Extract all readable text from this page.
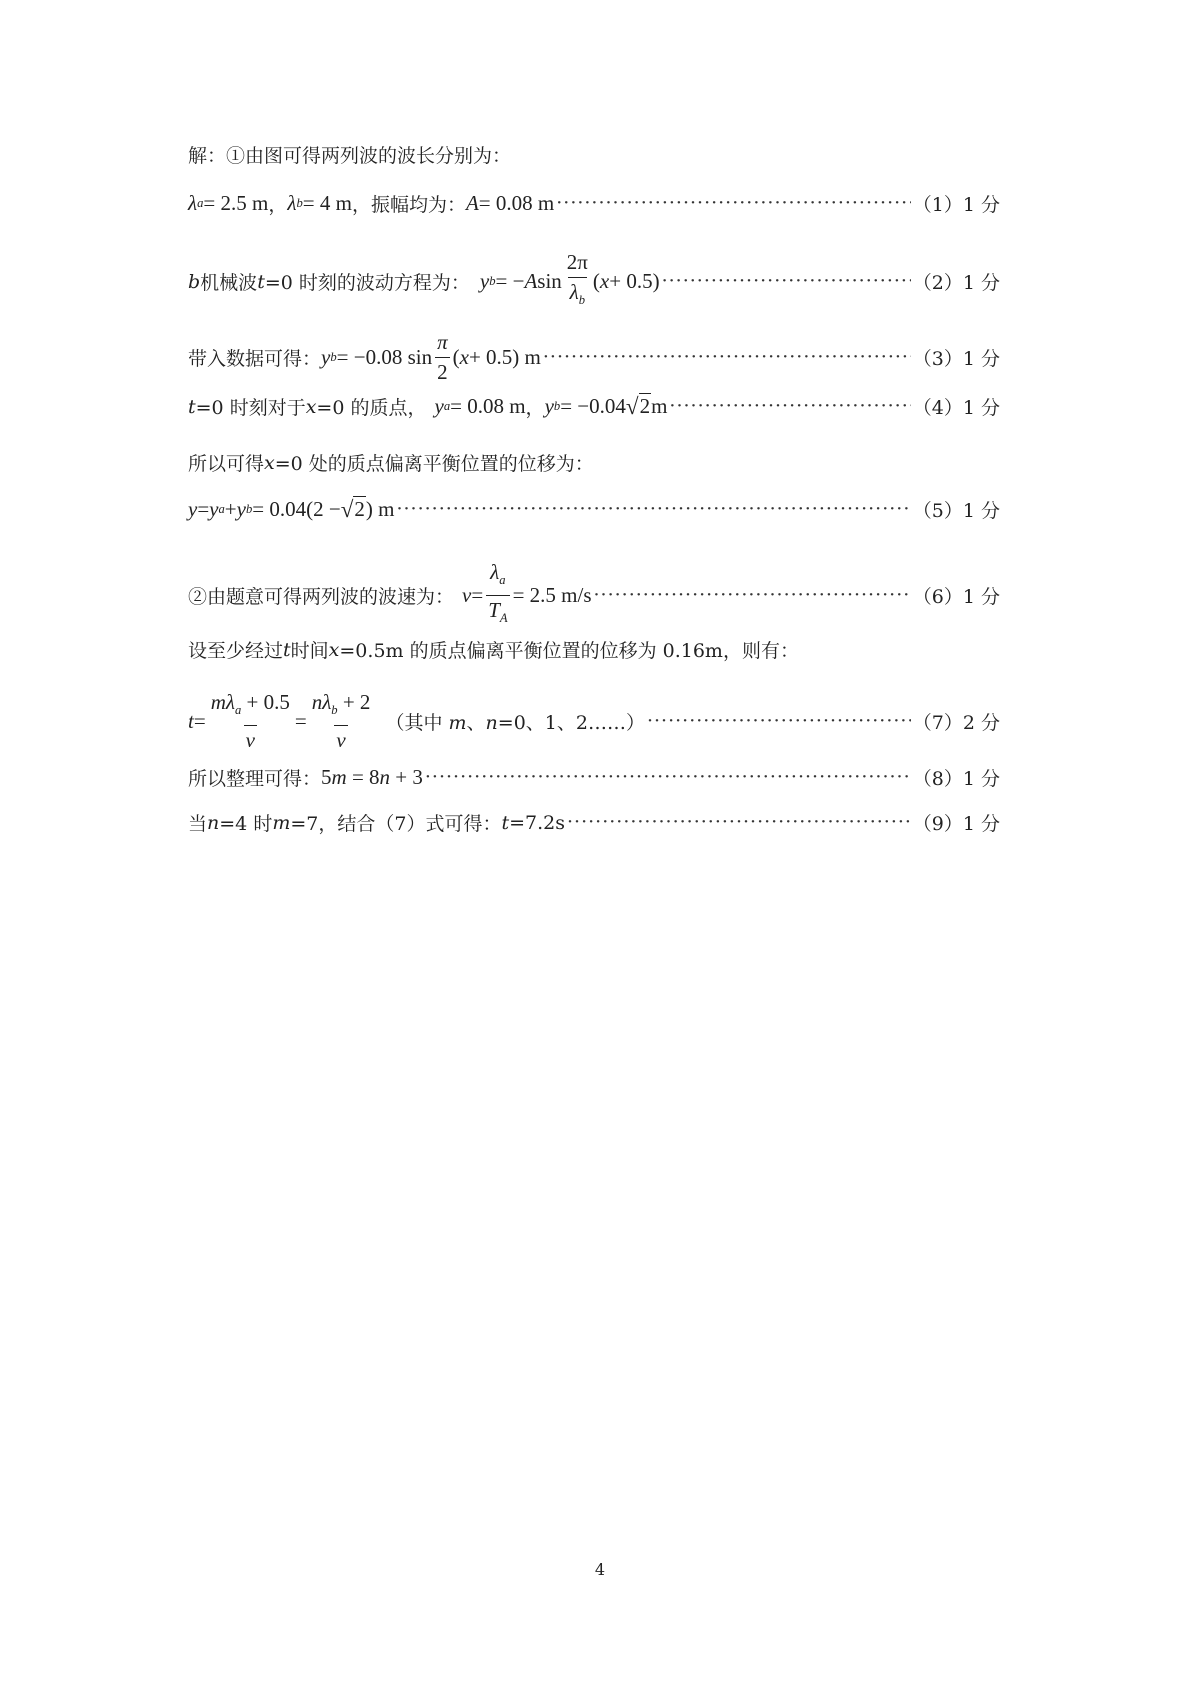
解：①由图可得两列波的波长分别为：
λ a = 2.5 m ， λ b = 4 m ，振幅均为： A = 0.08 m ·····	（1）1 分
b 机械波 t =0 时刻的波动方程为： y b = − A $\sin \frac{2\pi}{\lambda_b}$ ( x + 0.5) ·····	（2）1 分
带入数据可得： y b = −0.08 $\sin \frac{\pi}{2}$ ( x + 0.5) m ·····	（3）1 分
t =0 时刻对于 x =0 的质点， y a = 0.08 m ， y b = −0.04 √ 2 m ·····	（4）1 分
所以可得 x =0 处的质点偏离平衡位置的位移为：
y = y a + y b = 0.04(2 − √ 2 ) m ·····	（5）1 分
②由题意可得两列波的波速为： $v = \frac{\lambda_a}{T_A} = 2.5$ m/s ·····	（6）1 分
设至少经过 t 时间 x =0.5m 的质点偏离平衡位置的位移为 0.16m，则有：
$t = \frac{m\lambda_a + 0.5}{v} = \frac{n\lambda_b + 2}{v}$ （其中 m、n=0、1、2……） ·····	（7）2 分
所以整理可得： 5m = 8n + 3 ·····	（8）1 分
当 n =4 时 m =7，结合（7）式可得： t =7.2s ·····	（9）1 分
4
